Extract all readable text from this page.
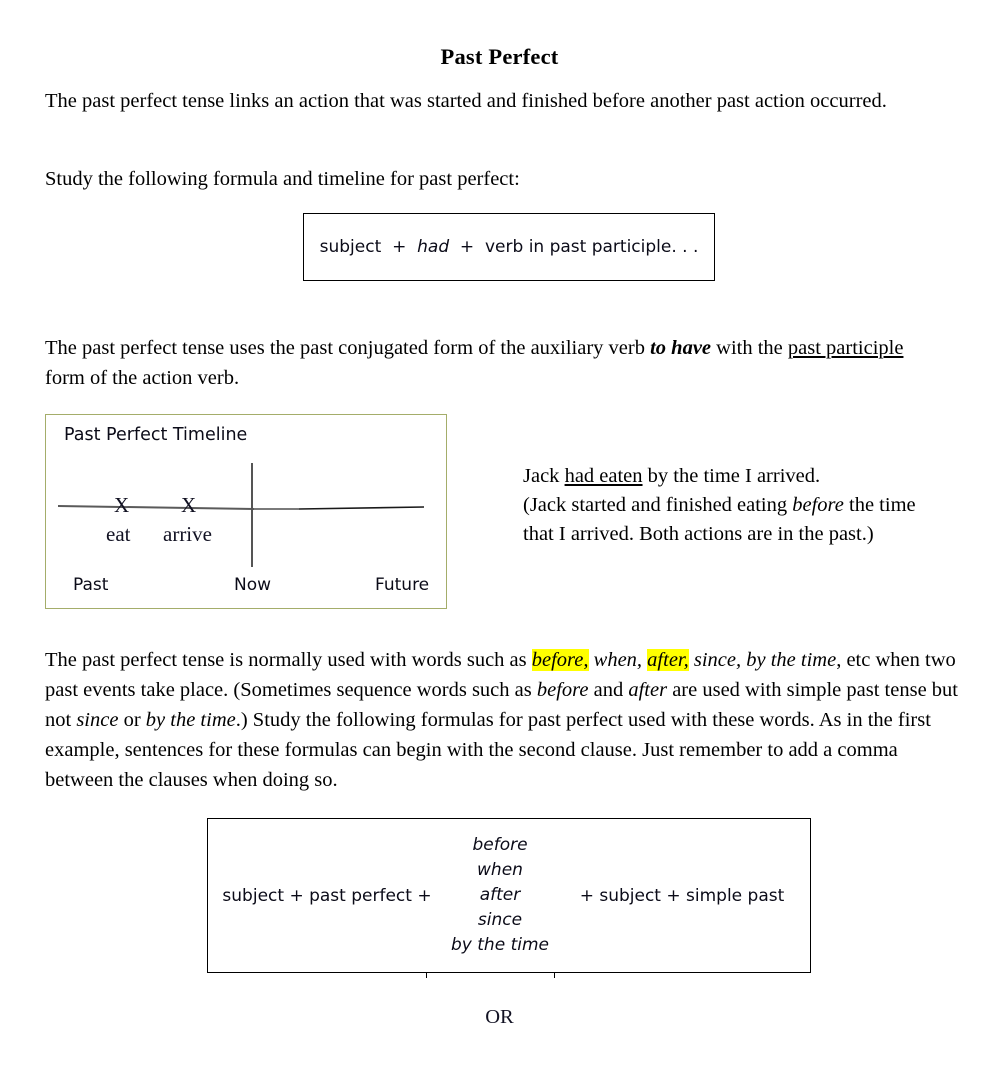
Past Perfect
The past perfect tense links an action that was started and finished before another past action occurred.
Study the following formula and timeline for past perfect:
subject + had + verb in past participle. . .
The past perfect tense uses the past conjugated form of the auxiliary verb to have with the past participle form of the action verb.
Past Perfect Timeline
X X
eat arrive
Past	Now	Future
Jack had eaten by the time I arrived.
(Jack started and finished eating before the time that I arrived. Both actions are in the past.)
The past perfect tense is normally used with words such as before, when, after, since, by the time, etc when two past events take place. (Sometimes sequence words such as before and after are used with simple past tense but not since or by the time.) Study the following formulas for past perfect used with these words. As in the first example, sentences for these formulas can begin with the second clause. Just remember to add a comma between the clauses when doing so.
subject + past perfect +
before
when
after
since
by the time
+ subject + simple past
OR
